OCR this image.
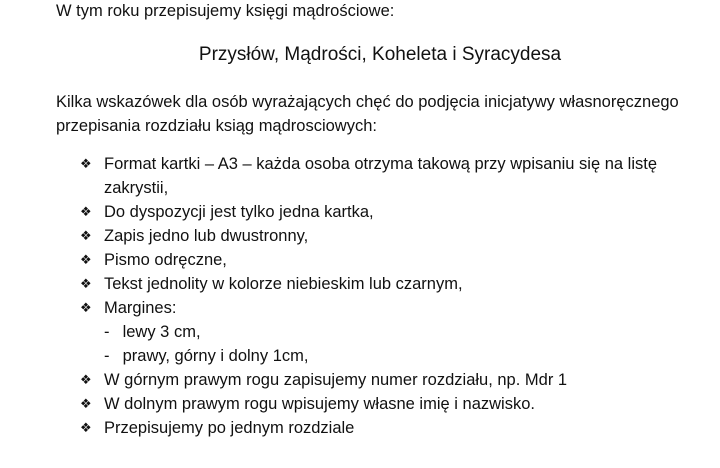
W tym roku przepisujemy księgi mądrościowe:
Przysłów, Mądrości, Koheleta i Syracydesa
Kilka wskazówek dla osób wyrażających chęć do podjęcia inicjatywy własnoręcznego przepisania rozdziału ksiąg mądrosciowych:
❖ Format kartki – A3 – każda osoba otrzyma takową przy wpisaniu się na listę zakrystii,
❖ Do dyspozycji jest tylko jedna kartka,
❖ Zapis jedno lub dwustronny,
❖ Pismo odręczne,
❖ Tekst jednolity w kolorze niebieskim lub czarnym,
❖ Margines:
- lewy 3 cm,
- prawy, górny i dolny 1cm,
❖ W górnym prawym rogu zapisujemy numer rozdziału, np. Mdr 1
❖ W dolnym prawym rogu wpisujemy własne imię i nazwisko.
❖ Przepisujemy po jednym rozdziale
